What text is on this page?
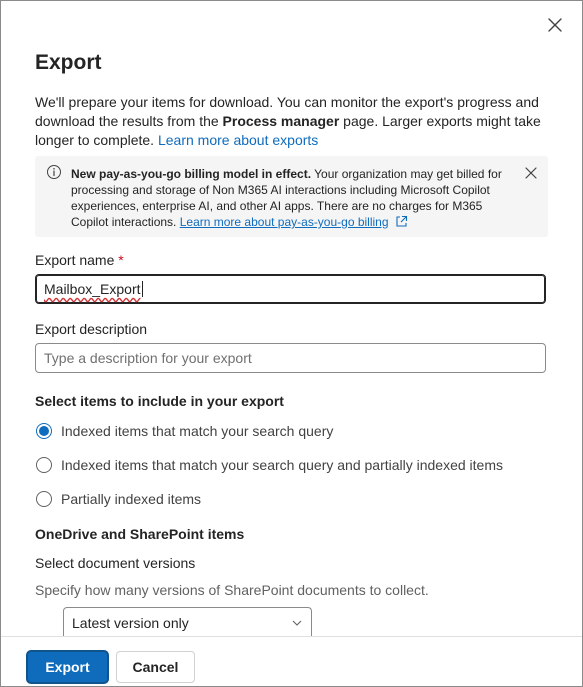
Export
We'll prepare your items for download. You can monitor the export's progress and download the results from the Process manager page. Larger exports might take longer to complete. Learn more about exports
New pay-as-you-go billing model in effect. Your organization may get billed for processing and storage of Non M365 AI interactions including Microsoft Copilot experiences, enterprise AI, and other AI apps. There are no charges for M365 Copilot interactions. Learn more about pay-as-you-go billing
Export name *
Mailbox_Export
Export description
Type a description for your export
Select items to include in your export
Indexed items that match your search query
Indexed items that match your search query and partially indexed items
Partially indexed items
OneDrive and SharePoint items
Select document versions
Specify how many versions of SharePoint documents to collect.
Latest version only
Export	Cancel
